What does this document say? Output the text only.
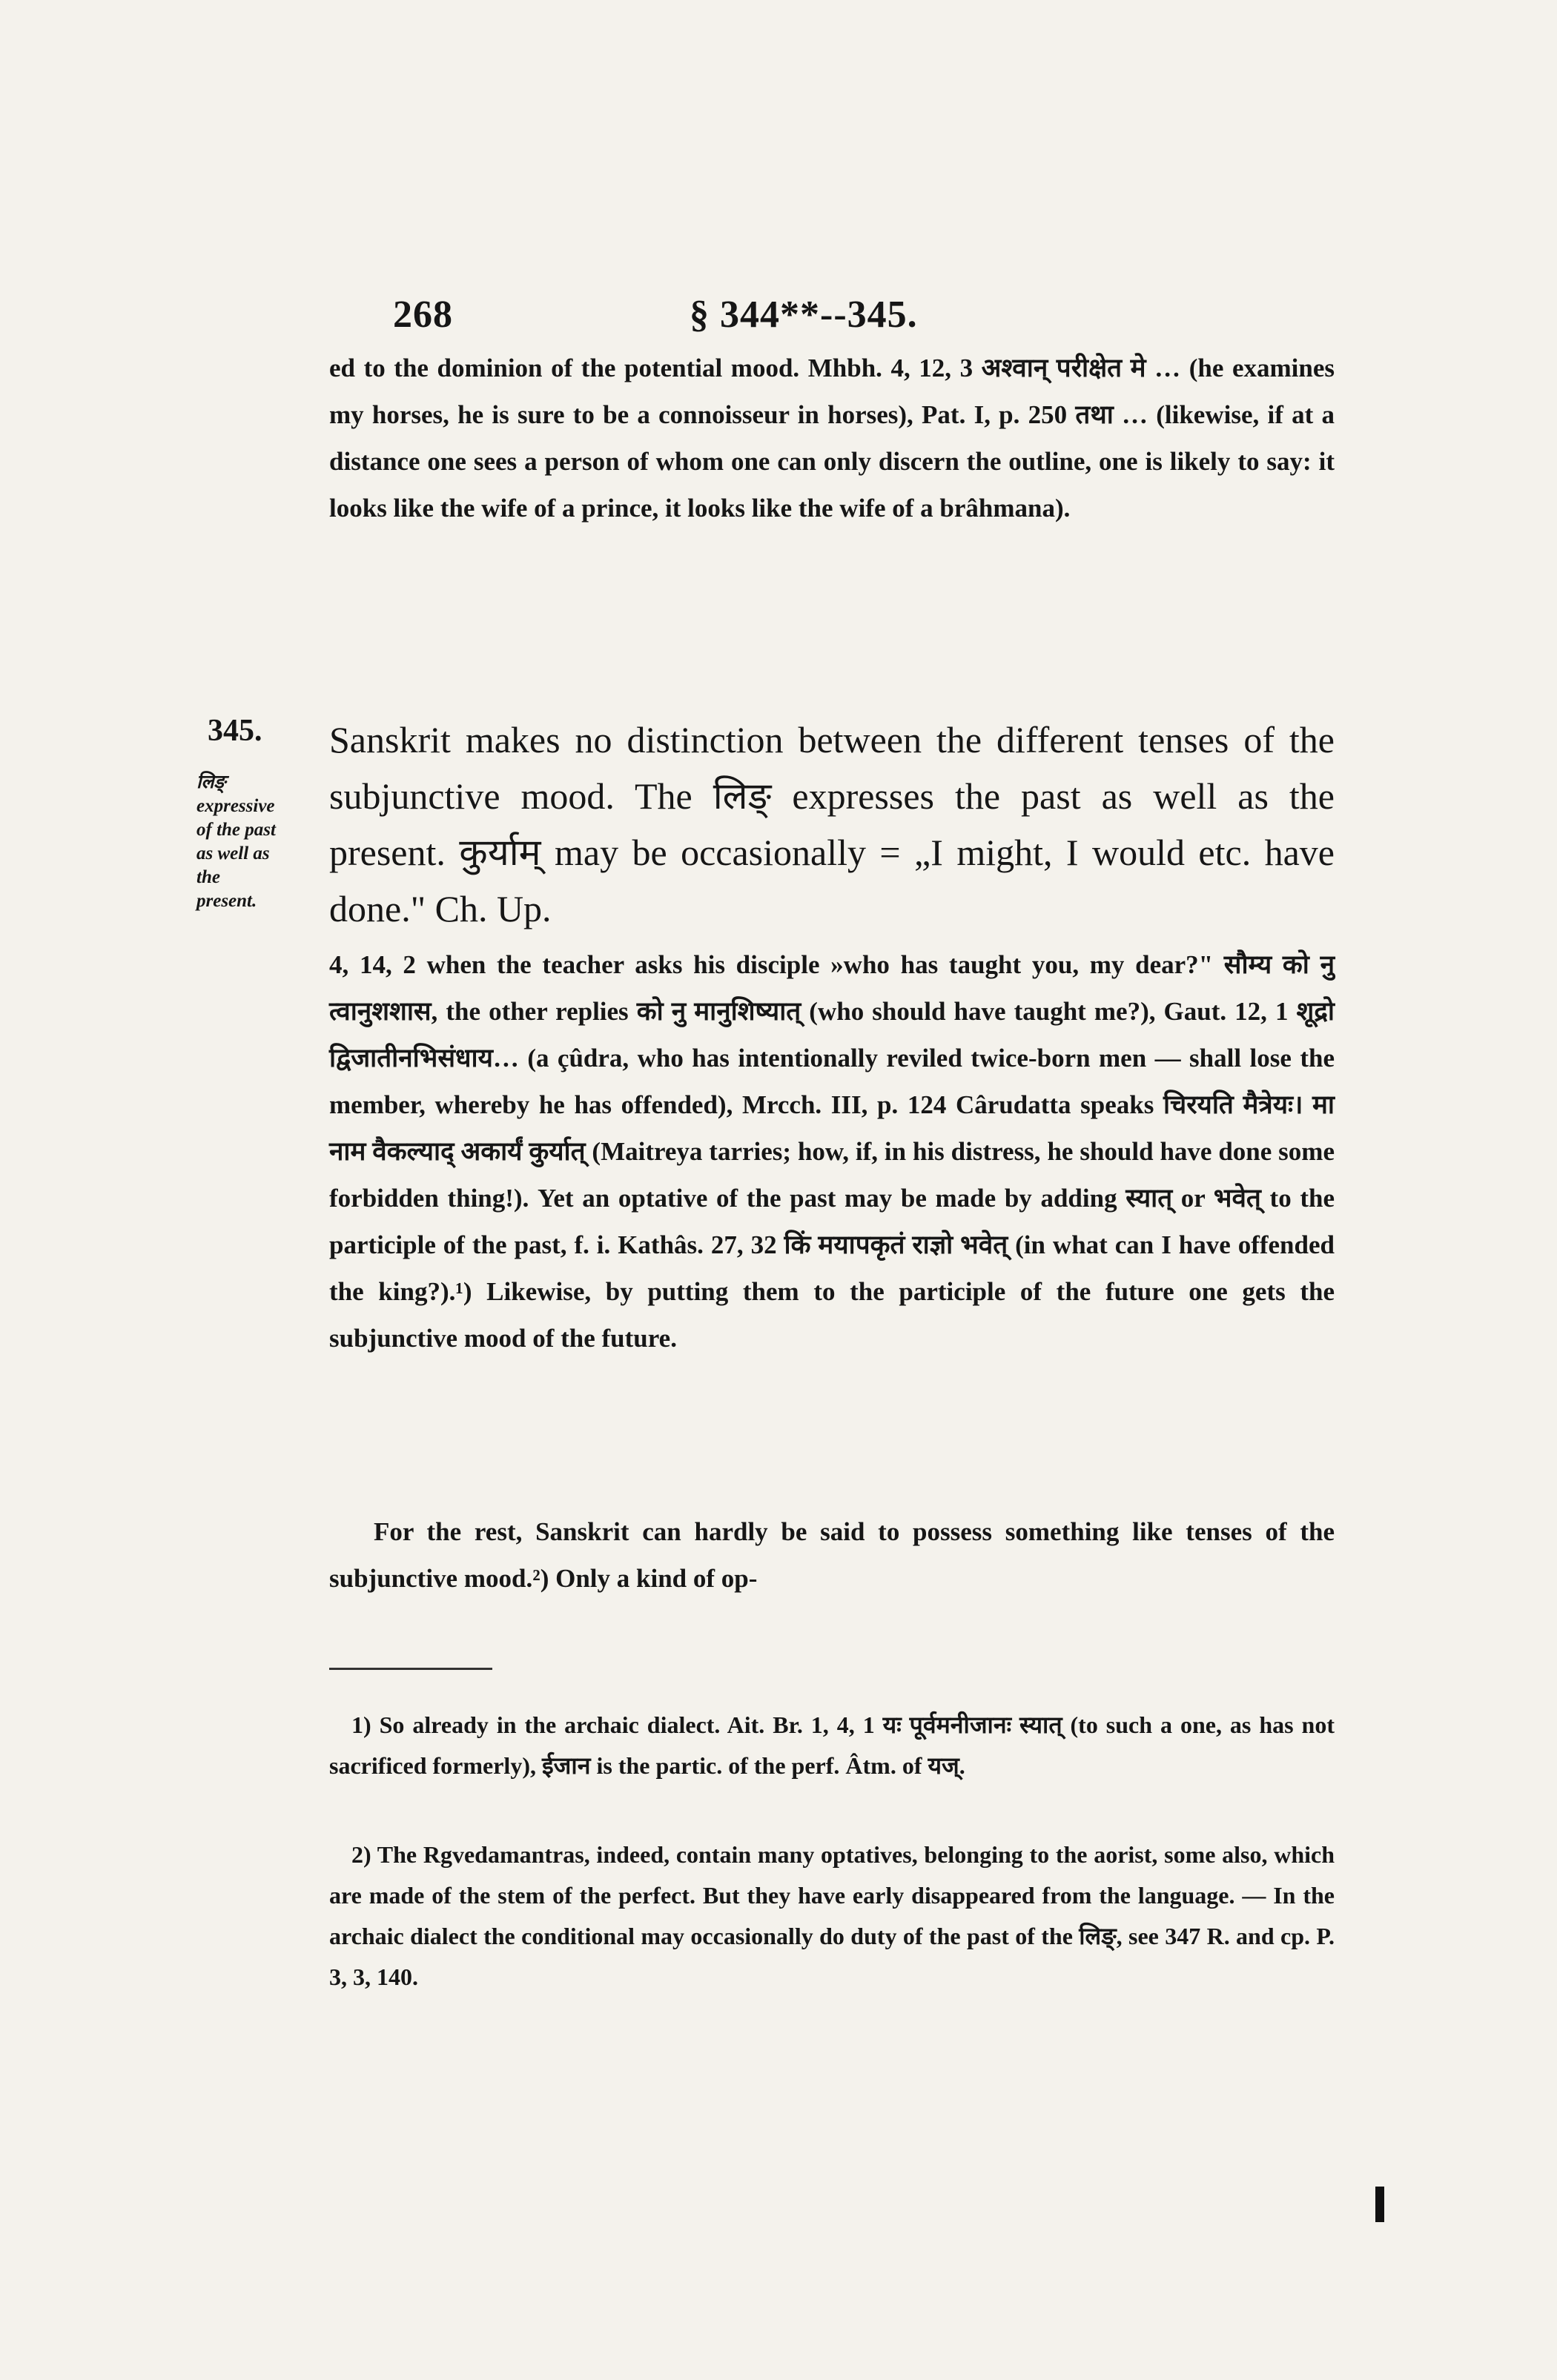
268	§ 344**--345.

ed to the dominion of the potential mood. Mhbh. 4, 12, 3 अश्वान् परीक्षेत मे … (he examines my horses, he is sure to be a connoisseur in horses), Pat. I, p. 250 तथा … (likewise, if at a distance one sees a person of whom one can only discern the outline, one is likely to say: it looks like the wife of a prince, it looks like the wife of a brâhmana).

345.
लिङ् expressive of the past as well as the present.

Sanskrit makes no distinction between the different tenses of the subjunctive mood. The लिङ् expresses the past as well as the present. कुर्याम् may be occasionally = „I might, I would etc. have done." Ch. Up.

4, 14, 2 when the teacher asks his disciple »who has taught you, my dear?" सौम्य को नु त्वानुशशास, the other replies को नु मानुशिष्यात् (who should have taught me?), Gaut. 12, 1 शूद्रो द्विजातीनभिसंधाय… (a çûdra, who has intentionally reviled twice-born men — shall lose the member, whereby he has offended), Mrcch. III, p. 124 Cârudatta speaks चिरयति मैत्रेयः। मा नाम वैकल्याद् अकार्यं कुर्यात् (Maitreya tarries; how, if, in his distress, he should have done some forbidden thing!). Yet an optative of the past may be made by adding स्यात् or भवेत् to the participle of the past, f. i. Kathâs. 27, 32 किं मयापकृतं राज्ञो भवेत् (in what can I have offended the king?).¹) Likewise, by putting them to the participle of the future one gets the subjunctive mood of the future.

For the rest, Sanskrit can hardly be said to possess something like tenses of the subjunctive mood.²) Only a kind of op-

1) So already in the archaic dialect. Ait. Br. 1, 4, 1 यः पूर्वमनीजानः स्यात् (to such a one, as has not sacrificed formerly), ईजान is the partic. of the perf. Âtm. of यज्.

2) The Rgvedamantras, indeed, contain many optatives, belonging to the aorist, some also, which are made of the stem of the perfect. But they have early disappeared from the language. — In the archaic dialect the conditional may occasionally do duty of the past of the लिङ्, see 347 R. and cp. P. 3, 3, 140.
